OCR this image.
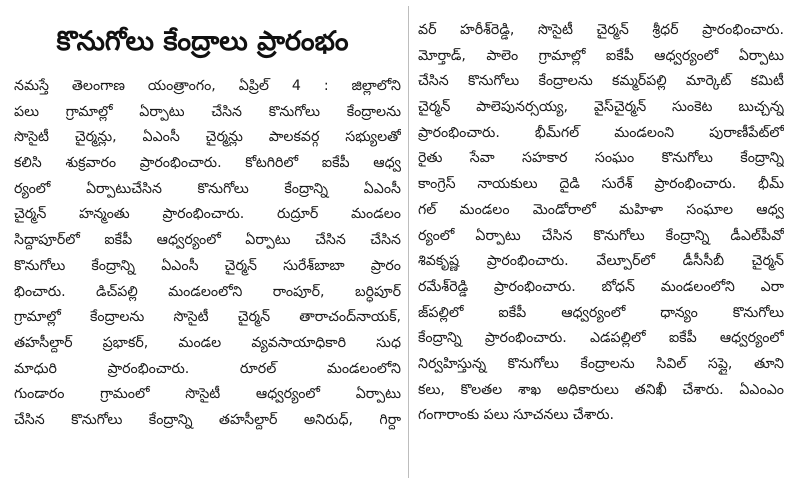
కొనుగోలు కేంద్రాలు ప్రారంభం
నమస్తే తెలంగాణ యంత్రాంగం, ఏప్రిల్ 4 : జిల్లాలోని
పలు గ్రామాల్లో ఏర్పాటు చేసిన కొనుగోలు కేంద్రాలను
సొసైటీ చైర్మన్లు, ఏఎంసీ చైర్మన్లు పాలకవర్గ సభ్యులతో
కలిసి శుక్రవారం ప్రారంభించారు. కోటగిరిలో ఐకేపీ ఆధ్వ
ర్యంలో ఏర్పాటుచేసిన కొనుగోలు కేంద్రాన్ని ఏఎంసీ
చైర్మన్ హన్మంతు ప్రారంభించారు. రుద్రూర్ మండలం
సిద్దాపూర్‌లో ఐకేపీ ఆధ్వర్యంలో ఏర్పాటు చేసిన చేసిన
కొనుగోలు కేంద్రాన్ని ఏఎంసీ చైర్మన్ సురేశ్‌బాబా ప్రారం
భించారు. డిచ్‌పల్లి మండలంలోని రాంపూర్, బర్ధిపూర్
గ్రామాల్లో కేంద్రాలను సొసైటీ చైర్మన్ తారాచంద్‌నాయక్,
తహసీల్దార్ ప్రభాకర్, మండల వ్యవసాయాధికారి సుధ
మాధురి ప్రారంభించారు. రూరల్ మండలంలోని
గుండారం గ్రామంలో సొసైటీ ఆధ్వర్యంలో ఏర్పాటు
చేసిన కొనుగోలు కేంద్రాన్ని తహసీల్దార్ అనిరుధ్, గిర్దా
వర్ హరీశ్‌రెడ్డి, సొసైటీ చైర్మన్ శ్రీధర్ ప్రారంభించారు.
మోర్తాడ్, పాలెం గ్రామాల్లో ఐకేపీ ఆధ్వర్యంలో ఏర్పాటు
చేసిన కొనుగోలు కేంద్రాలను కమ్మర్‌పల్లి మార్కెట్ కమిటీ
చైర్మన్ పాలెపునర్సయ్య, వైస్‌చైర్మన్ సుంకెట బుచ్చన్న
ప్రారంభించారు. భీమ్‌గల్ మండలంని పురాణీపేట్‌లో
రైతు సేవా సహకార సంఘం కొనుగోలు కేంద్రాన్ని
కాంగ్రెస్ నాయకులు దైడి సురేశ్ ప్రారంభించారు. భీమ్
గల్ మండలం మెండోరాలో మహిళా సంఘాల ఆధ్వ
ర్యంలో ఏర్పాటు చేసిన కొనుగోలు కేంద్రాన్ని డీఎల్‌పీవో
శివకృష్ణ ప్రారంభించారు. వేల్పూర్‌లో డీసీసీబీ చైర్మన్
రమేశ్‌రెడ్డి ప్రారంభించారు. బోధన్ మండలంలోని ఎరా
జ్‌పల్లిలో ఐకేపీ ఆధ్వర్యంలో ధాన్యం కొనుగోలు
కేంద్రాన్ని ప్రారంభించారు. ఎడపల్లిలో ఐకేపీ ఆధ్వర్యంలో
నిర్వహిస్తున్న కొనుగోలు కేంద్రాలను సివిల్ సప్లై, తూని
కలు, కొలతల శాఖ అధికారులు తనిఖీ చేశారు. ఏఎంఎం
గంగారాంకు పలు సూచనలు చేశారు.
